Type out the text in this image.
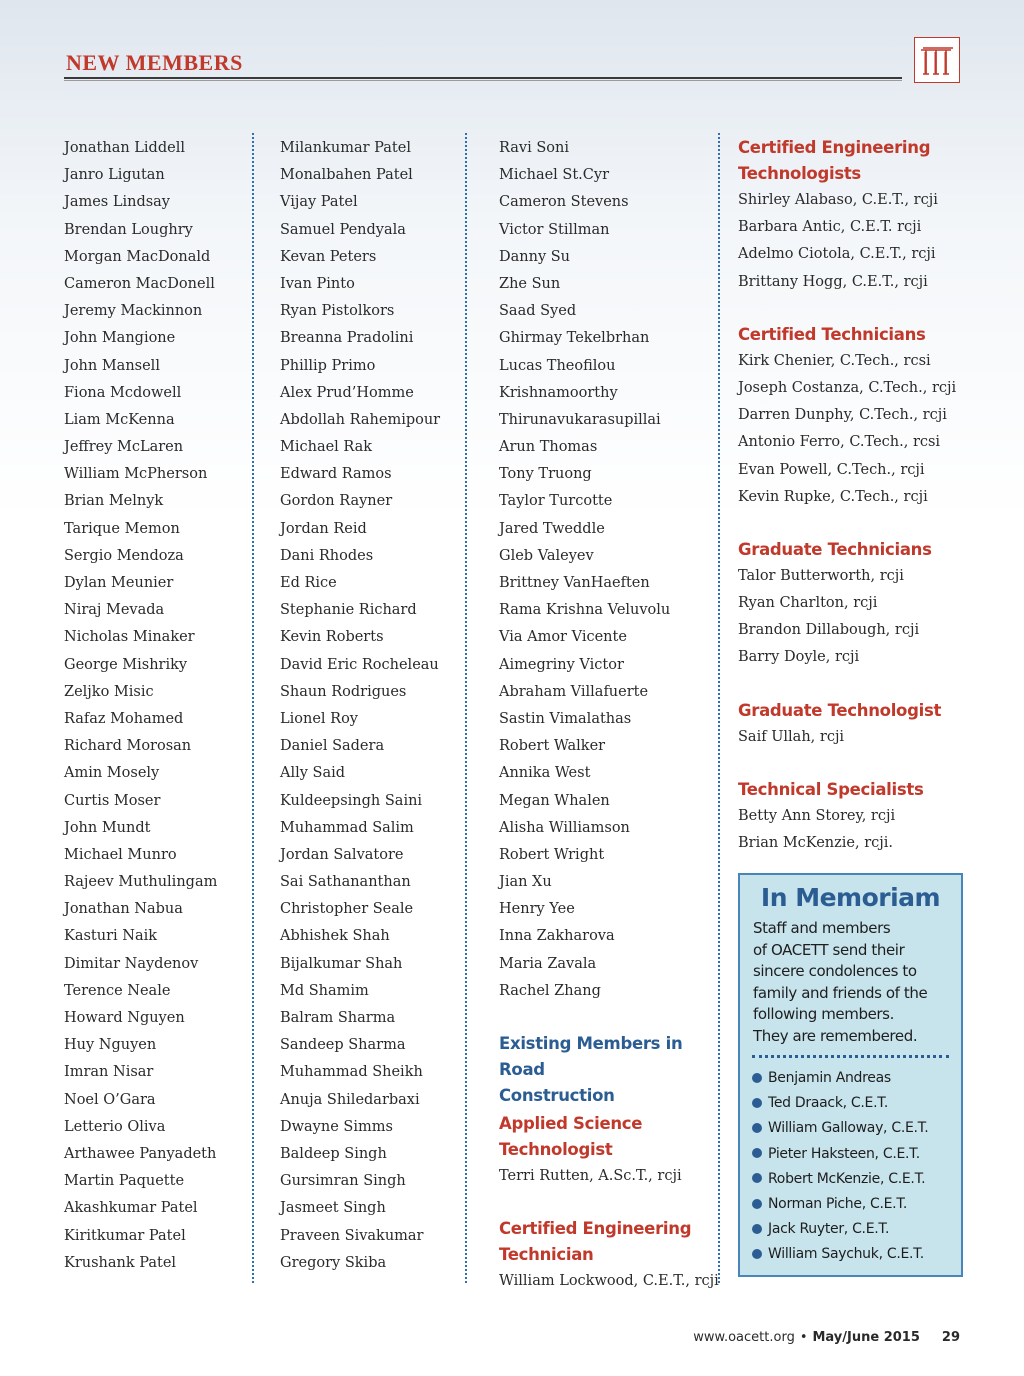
NEW MEMBERS
Jonathan Liddell
Janro Ligutan
James Lindsay
Brendan Loughry
Morgan MacDonald
Cameron MacDonell
Jeremy Mackinnon
John Mangione
John Mansell
Fiona Mcdowell
Liam McKenna
Jeffrey McLaren
William McPherson
Brian Melnyk
Tarique Memon
Sergio Mendoza
Dylan Meunier
Niraj Mevada
Nicholas Minaker
George Mishriky
Zeljko Misic
Rafaz Mohamed
Richard Morosan
Amin Mosely
Curtis Moser
John Mundt
Michael Munro
Rajeev Muthulingam
Jonathan Nabua
Kasturi Naik
Dimitar Naydenov
Terence Neale
Howard Nguyen
Huy Nguyen
Imran Nisar
Noel O’Gara
Letterio Oliva
Arthawee Panyadeth
Martin Paquette
Akashkumar Patel
Kiritkumar Patel
Krushank Patel
Milankumar Patel
Monalbahen Patel
Vijay Patel
Samuel Pendyala
Kevan Peters
Ivan Pinto
Ryan Pistolkors
Breanna Pradolini
Phillip Primo
Alex Prud’Homme
Abdollah Rahemipour
Michael Rak
Edward Ramos
Gordon Rayner
Jordan Reid
Dani Rhodes
Ed Rice
Stephanie Richard
Kevin Roberts
David Eric Rocheleau
Shaun Rodrigues
Lionel Roy
Daniel Sadera
Ally Said
Kuldeepsingh Saini
Muhammad Salim
Jordan Salvatore
Sai Sathananthan
Christopher Seale
Abhishek Shah
Bijalkumar Shah
Md Shamim
Balram Sharma
Sandeep Sharma
Muhammad Sheikh
Anuja Shiledarbaxi
Dwayne Simms
Baldeep Singh
Gursimran Singh
Jasmeet Singh
Praveen Sivakumar
Gregory Skiba
Ravi Soni
Michael St.Cyr
Cameron Stevens
Victor Stillman
Danny Su
Zhe Sun
Saad Syed
Ghirmay Tekelbrhan
Lucas Theofilou
Krishnamoorthy
Thirunavukarasupillai
Arun Thomas
Tony Truong
Taylor Turcotte
Jared Tweddle
Gleb Valeyev
Brittney VanHaeften
Rama Krishna Veluvolu
Via Amor Vicente
Aimegriny Victor
Abraham Villafuerte
Sastin Vimalathas
Robert Walker
Annika West
Megan Whalen
Alisha Williamson
Robert Wright
Jian Xu
Henry Yee
Inna Zakharova
Maria Zavala
Rachel Zhang
Existing Members in Road
Construction
Applied Science
Technologist
Terri Rutten, A.Sc.T., rcji
Certified Engineering
Technician
William Lockwood, C.E.T., rcji
Certified Engineering
Technologists
Shirley Alabaso, C.E.T., rcji
Barbara Antic, C.E.T. rcji
Adelmo Ciotola, C.E.T., rcji
Brittany Hogg, C.E.T., rcji
Certified Technicians
Kirk Chenier, C.Tech., rcsi
Joseph Costanza, C.Tech., rcji
Darren Dunphy, C.Tech., rcji
Antonio Ferro, C.Tech., rcsi
Evan Powell, C.Tech., rcji
Kevin Rupke, C.Tech., rcji
Graduate Technicians
Talor Butterworth, rcji
Ryan Charlton, rcji
Brandon Dillabough, rcji
Barry Doyle, rcji
Graduate Technologist
Saif Ullah, rcji
Technical Specialists
Betty Ann Storey, rcji
Brian McKenzie, rcji.
In Memoriam
Staff and members
of OACETT send their
sincere condolences to
family and friends of the
following members.
They are remembered.
Benjamin Andreas
Ted Draack, C.E.T.
William Galloway, C.E.T.
Pieter Haksteen, C.E.T.
Robert McKenzie, C.E.T.
Norman Piche, C.E.T.
Jack Ruyter, C.E.T.
William Saychuk, C.E.T.
www.oacett.org • May/June 2015 29
